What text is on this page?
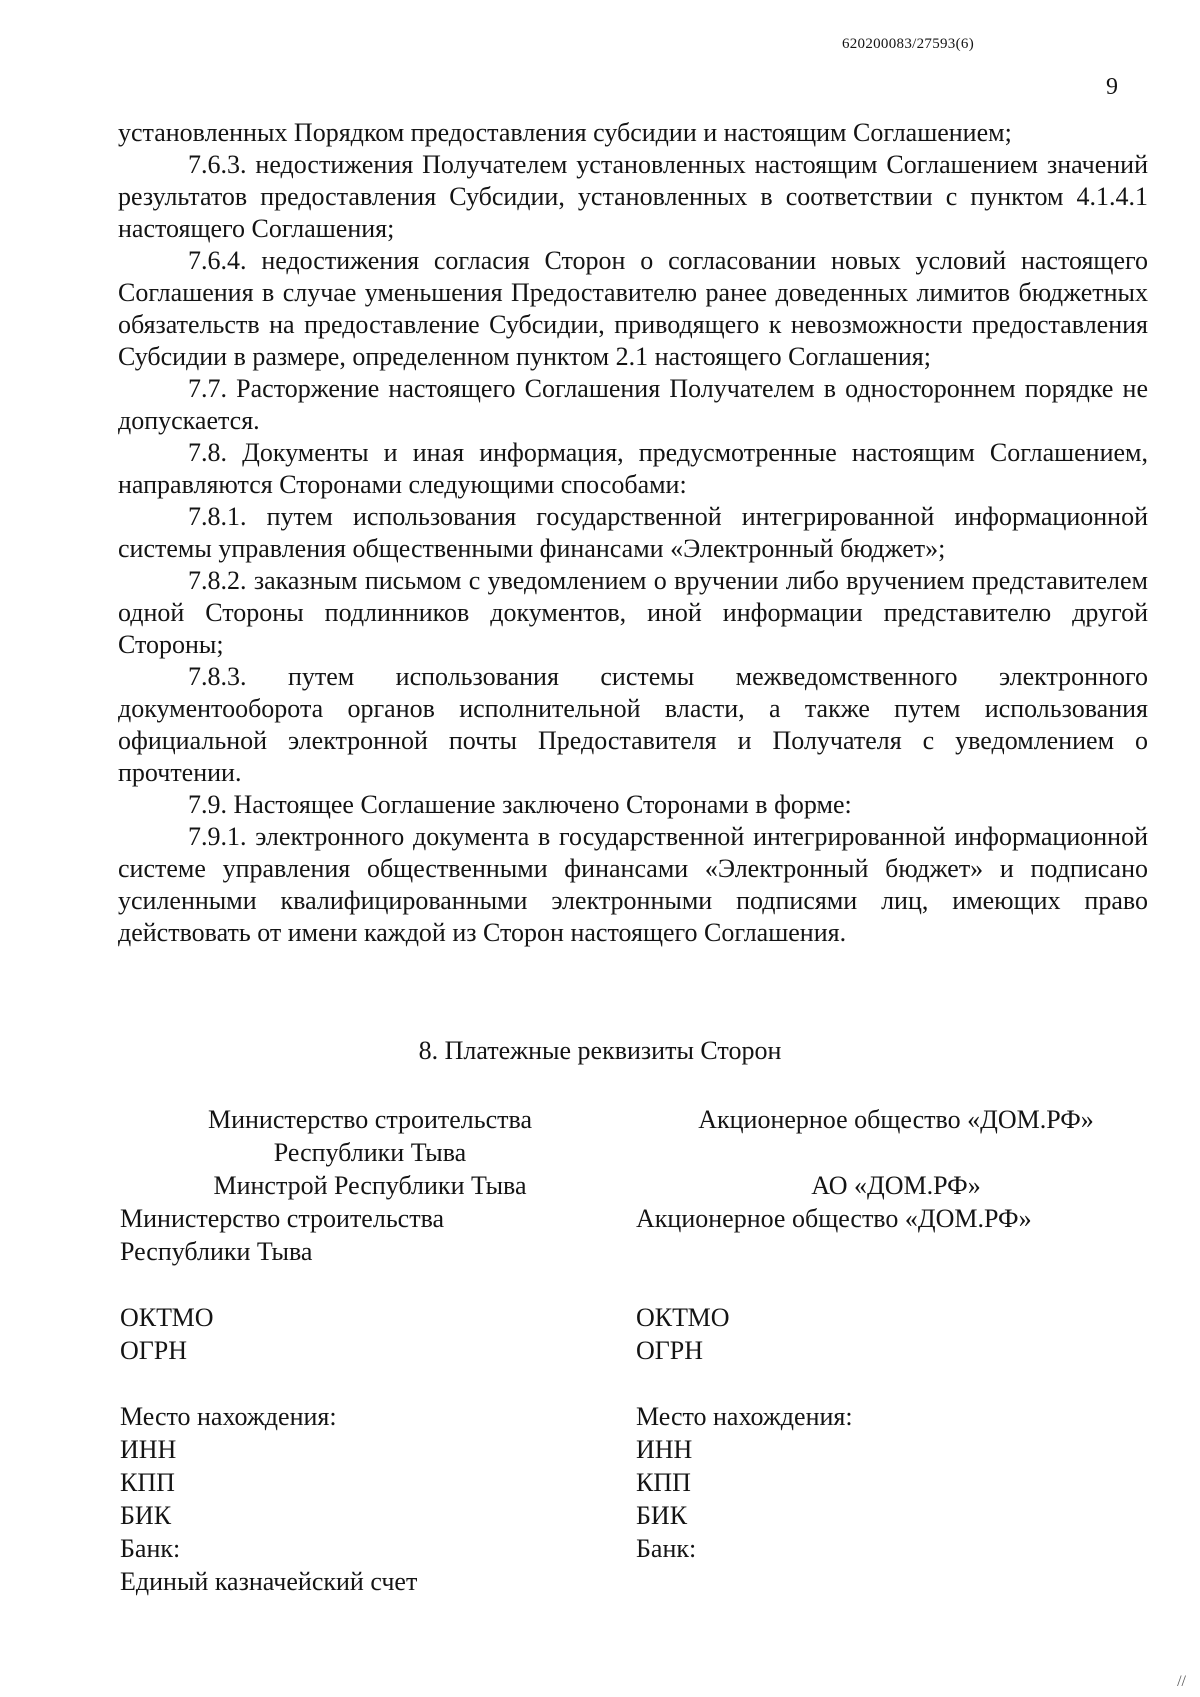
620200083/27593(6)
9

установленных Порядком предоставления субсидии и настоящим Соглашением;

7.6.3. недостижения Получателем установленных настоящим Соглашением значений результатов предоставления Субсидии, установленных в соответствии с пунктом 4.1.4.1 настоящего Соглашения;

7.6.4. недостижения согласия Сторон о согласовании новых условий настоящего Соглашения в случае уменьшения Предоставителю ранее доведенных лимитов бюджетных обязательств на предоставление Субсидии, приводящего к невозможности предоставления Субсидии в размере, определенном пунктом 2.1 настоящего Соглашения;

7.7. Расторжение настоящего Соглашения Получателем в одностороннем порядке не допускается.

7.8. Документы и иная информация, предусмотренные настоящим Соглашением, направляются Сторонами следующими способами:

7.8.1. путем использования государственной интегрированной информационной системы управления общественными финансами «Электронный бюджет»;

7.8.2. заказным письмом с уведомлением о вручении либо вручением представителем одной Стороны подлинников документов, иной информации представителю другой Стороны;

7.8.3. путем использования системы межведомственного электронного документооборота органов исполнительной власти, а также путем использования официальной электронной почты Предоставителя и Получателя с уведомлением о прочтении.

7.9. Настоящее Соглашение заключено Сторонами в форме:

7.9.1. электронного документа в государственной интегрированной информационной системе управления общественными финансами «Электронный бюджет» и подписано усиленными квалифицированными электронными подписями лиц, имеющих право действовать от имени каждой из Сторон настоящего Соглашения.

8. Платежные реквизиты Сторон
Министерство строительства
Республики Тыва
Минстрой Республики Тыва
Министерство строительства
Республики Тыва
ОКТМО
ОГРН
Место нахождения:
ИНН
КПП
БИК
Банк:
Единый казначейский счет
Акционерное общество «ДОМ.РФ»
АО «ДОМ.РФ»
Акционерное общество «ДОМ.РФ»
ОКТМО
ОГРН
Место нахождения:
ИНН
КПП
БИК
Банк:
//
